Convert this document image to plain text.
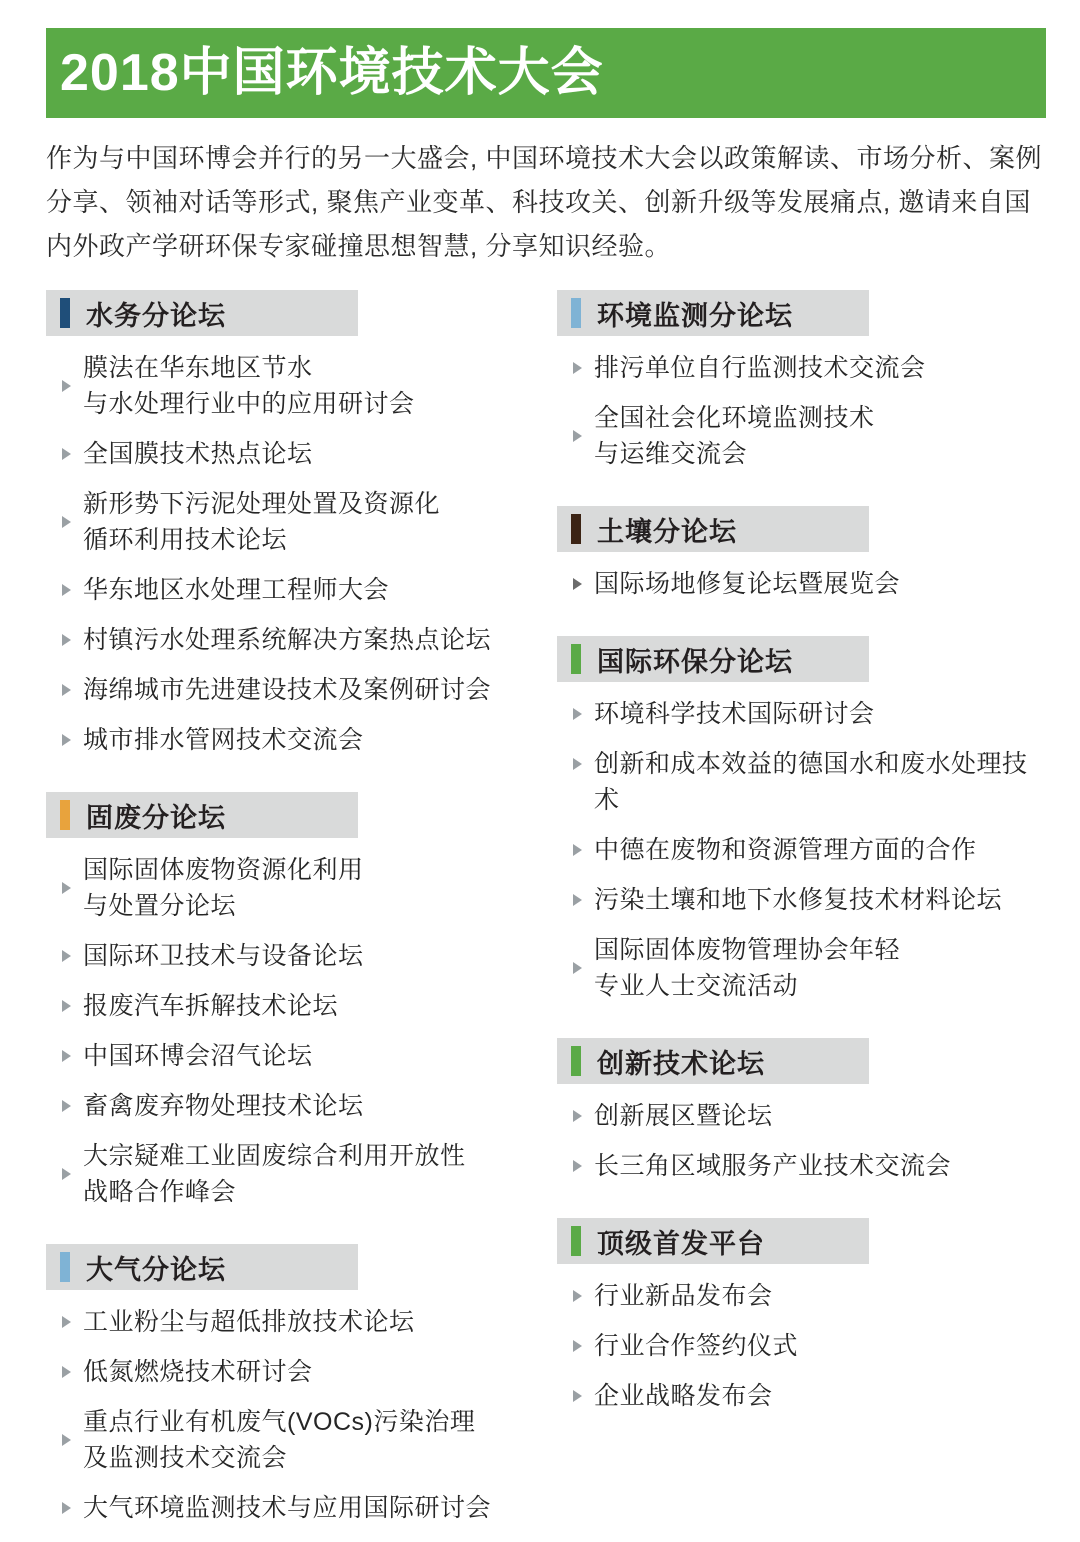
2018中国环境技术大会
作为与中国环博会并行的另一大盛会, 中国环境技术大会以政策解读、市场分析、案例分享、领袖对话等形式, 聚焦产业变革、科技攻关、创新升级等发展痛点, 邀请来自国内外政产学研环保专家碰撞思想智慧, 分享知识经验。
水务分论坛
膜法在华东地区节水
与水处理行业中的应用研讨会
全国膜技术热点论坛
新形势下污泥处理处置及资源化
循环利用技术论坛
华东地区水处理工程师大会
村镇污水处理系统解决方案热点论坛
海绵城市先进建设技术及案例研讨会
城市排水管网技术交流会
固废分论坛
国际固体废物资源化利用
与处置分论坛
国际环卫技术与设备论坛
报废汽车拆解技术论坛
中国环博会沼气论坛
畜禽废弃物处理技术论坛
大宗疑难工业固废综合利用开放性
战略合作峰会
大气分论坛
工业粉尘与超低排放技术论坛
低氮燃烧技术研讨会
重点行业有机废气(VOCs)污染治理
及监测技术交流会
大气环境监测技术与应用国际研讨会
环境监测分论坛
排污单位自行监测技术交流会
全国社会化环境监测技术
与运维交流会
土壤分论坛
国际场地修复论坛暨展览会
国际环保分论坛
环境科学技术国际研讨会
创新和成本效益的德国水和废水处理技术
中德在废物和资源管理方面的合作
污染土壤和地下水修复技术材料论坛
国际固体废物管理协会年轻
专业人士交流活动
创新技术论坛
创新展区暨论坛
长三角区域服务产业技术交流会
顶级首发平台
行业新品发布会
行业合作签约仪式
企业战略发布会
